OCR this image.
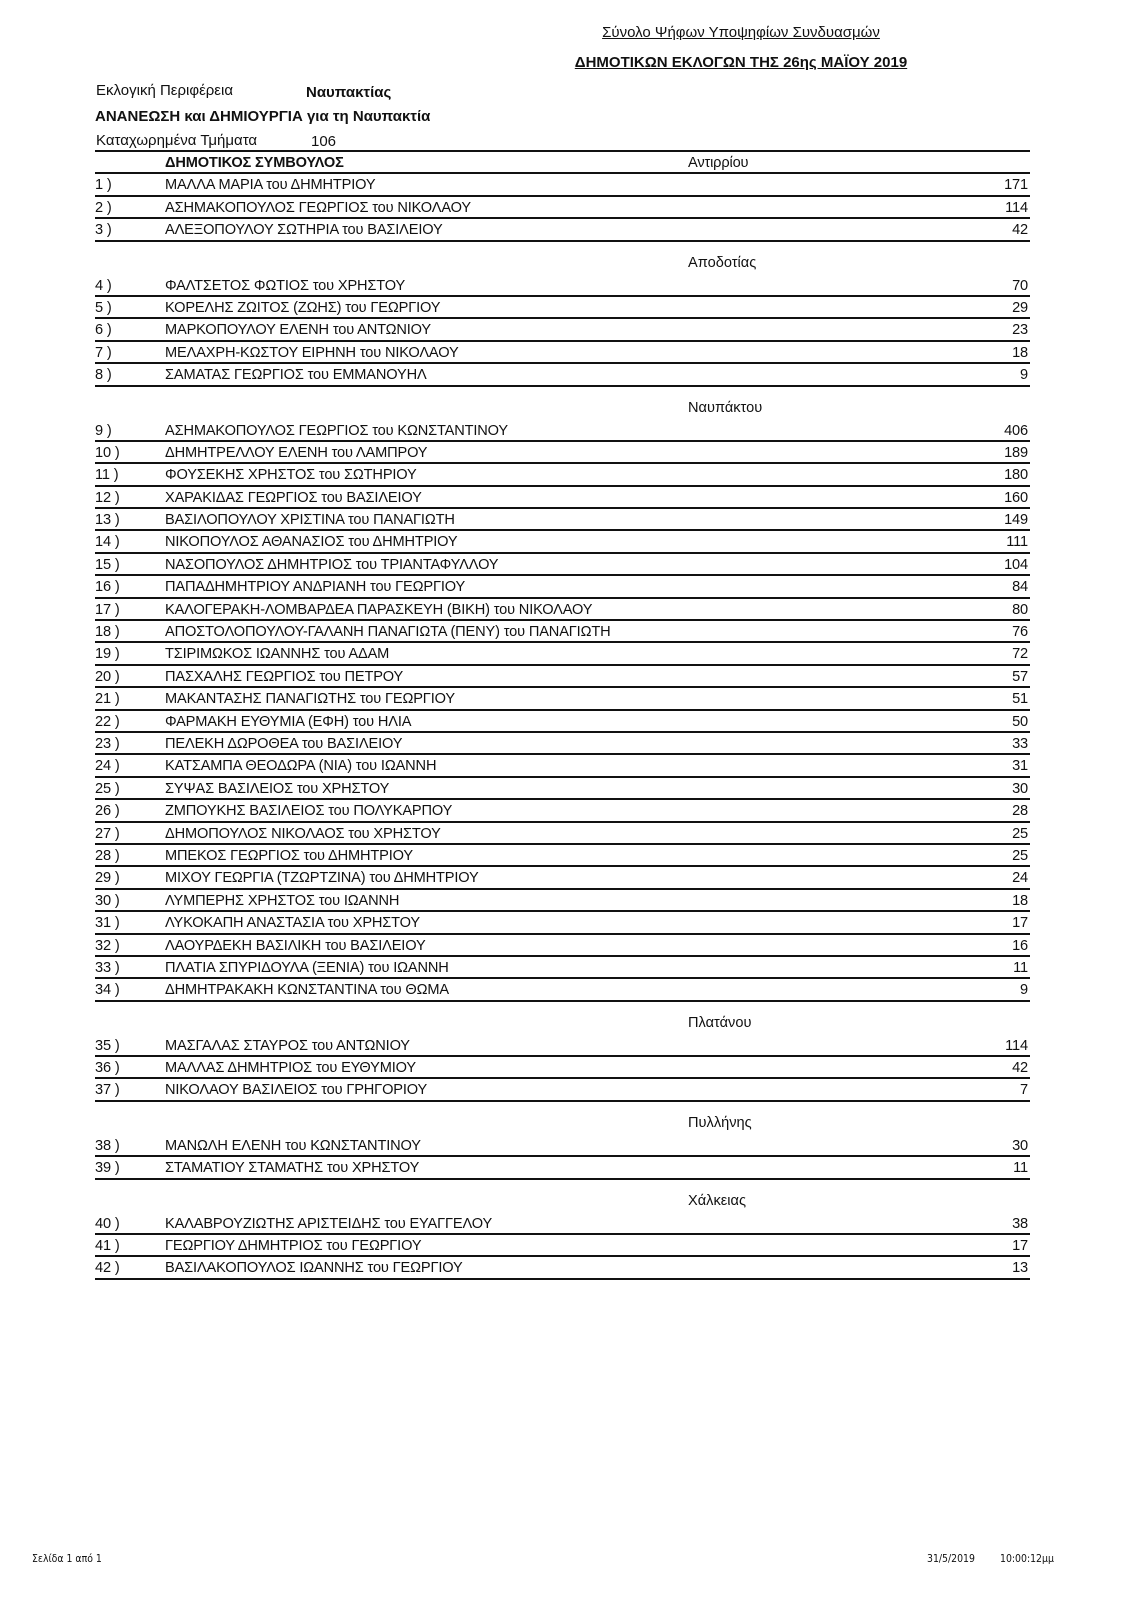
Σύνολο Ψήφων Υποψηφίων Συνδυασμών
ΔΗΜΟΤΙΚΩΝ ΕΚΛΟΓΩΝ ΤΗΣ 26ης ΜΑΪΟΥ 2019
Εκλογική Περιφέρεια	Ναυπακτίας
ΑΝΑΝΕΩΣΗ και ΔΗΜΙΟΥΡΓΙΑ για τη Ναυπακτία
Καταχωρημένα Τμήματα	106
ΔΗΜΟΤΙΚΟΣ ΣΥΜΒΟΥΛΟΣ	Αντιρρίου
1 )	ΜΑΛΛΑ ΜΑΡΙΑ του ΔΗΜΗΤΡΙΟΥ	171
2 )	ΑΣΗΜΑΚΟΠΟΥΛΟΣ ΓΕΩΡΓΙΟΣ του ΝΙΚΟΛΑΟΥ	114
3 )	ΑΛΕΞΟΠΟΥΛΟΥ ΣΩΤΗΡΙΑ του ΒΑΣΙΛΕΙΟΥ	42
Αποδοτίας
4 )	ΦΑΛΤΣΕΤΟΣ ΦΩΤΙΟΣ του ΧΡΗΣΤΟΥ	70
5 )	ΚΟΡΕΛΗΣ ΖΩΙΤΟΣ (ΖΩΗΣ) του ΓΕΩΡΓΙΟΥ	29
6 )	ΜΑΡΚΟΠΟΥΛΟΥ ΕΛΕΝΗ του ΑΝΤΩΝΙΟΥ	23
7 )	ΜΕΛΑΧΡΗ-ΚΩΣΤΟΥ ΕΙΡΗΝΗ του ΝΙΚΟΛΑΟΥ	18
8 )	ΣΑΜΑΤΑΣ ΓΕΩΡΓΙΟΣ του ΕΜΜΑΝΟΥΗΛ	9
Ναυπάκτου
9 )	ΑΣΗΜΑΚΟΠΟΥΛΟΣ ΓΕΩΡΓΙΟΣ του ΚΩΝΣΤΑΝΤΙΝΟΥ	406
10 )	ΔΗΜΗΤΡΕΛΛΟΥ ΕΛΕΝΗ του ΛΑΜΠΡΟΥ	189
11 )	ΦΟΥΣΕΚΗΣ ΧΡΗΣΤΟΣ του ΣΩΤΗΡΙΟΥ	180
12 )	ΧΑΡΑΚΙΔΑΣ ΓΕΩΡΓΙΟΣ του ΒΑΣΙΛΕΙΟΥ	160
13 )	ΒΑΣΙΛΟΠΟΥΛΟΥ ΧΡΙΣΤΙΝΑ του ΠΑΝΑΓΙΩΤΗ	149
14 )	ΝΙΚΟΠΟΥΛΟΣ ΑΘΑΝΑΣΙΟΣ του ΔΗΜΗΤΡΙΟΥ	111
15 )	ΝΑΣΟΠΟΥΛΟΣ ΔΗΜΗΤΡΙΟΣ του ΤΡΙΑΝΤΑΦΥΛΛΟΥ	104
16 )	ΠΑΠΑΔΗΜΗΤΡΙΟΥ ΑΝΔΡΙΑΝΗ του ΓΕΩΡΓΙΟΥ	84
17 )	ΚΑΛΟΓΕΡΑΚΗ-ΛΟΜΒΑΡΔΕΑ ΠΑΡΑΣΚΕΥΗ (ΒΙΚΗ) του ΝΙΚΟΛΑΟΥ	80
18 )	ΑΠΟΣΤΟΛΟΠΟΥΛΟΥ-ΓΑΛΑΝΗ ΠΑΝΑΓΙΩΤΑ (ΠΕΝΥ) του ΠΑΝΑΓΙΩΤΗ	76
19 )	ΤΣΙΡΙΜΩΚΟΣ ΙΩΑΝΝΗΣ του ΑΔΑΜ	72
20 )	ΠΑΣΧΑΛΗΣ ΓΕΩΡΓΙΟΣ του ΠΕΤΡΟΥ	57
21 )	ΜΑΚΑΝΤΑΣΗΣ ΠΑΝΑΓΙΩΤΗΣ του ΓΕΩΡΓΙΟΥ	51
22 )	ΦΑΡΜΑΚΗ ΕΥΘΥΜΙΑ (ΕΦΗ) του ΗΛΙΑ	50
23 )	ΠΕΛΕΚΗ ΔΩΡΟΘΕΑ του ΒΑΣΙΛΕΙΟΥ	33
24 )	ΚΑΤΣΑΜΠΑ ΘΕΟΔΩΡΑ (ΝΙΑ) του ΙΩΑΝΝΗ	31
25 )	ΣΥΨΑΣ ΒΑΣΙΛΕΙΟΣ του ΧΡΗΣΤΟΥ	30
26 )	ΖΜΠΟΥΚΗΣ ΒΑΣΙΛΕΙΟΣ του ΠΟΛΥΚΑΡΠΟΥ	28
27 )	ΔΗΜΟΠΟΥΛΟΣ ΝΙΚΟΛΑΟΣ του ΧΡΗΣΤΟΥ	25
28 )	ΜΠΕΚΟΣ ΓΕΩΡΓΙΟΣ του ΔΗΜΗΤΡΙΟΥ	25
29 )	ΜΙΧΟΥ ΓΕΩΡΓΙΑ (ΤΖΩΡΤΖΙΝΑ) του ΔΗΜΗΤΡΙΟΥ	24
30 )	ΛΥΜΠΕΡΗΣ ΧΡΗΣΤΟΣ του ΙΩΑΝΝΗ	18
31 )	ΛΥΚΟΚΑΠΗ ΑΝΑΣΤΑΣΙΑ του ΧΡΗΣΤΟΥ	17
32 )	ΛΑΟΥΡΔΕΚΗ ΒΑΣΙΛΙΚΗ του ΒΑΣΙΛΕΙΟΥ	16
33 )	ΠΛΑΤΙΑ ΣΠΥΡΙΔΟΥΛΑ (ΞΕΝΙΑ) του ΙΩΑΝΝΗ	11
34 )	ΔΗΜΗΤΡΑΚΑΚΗ ΚΩΝΣΤΑΝΤΙΝΑ του ΘΩΜΑ	9
Πλατάνου
35 )	ΜΑΣΓΑΛΑΣ ΣΤΑΥΡΟΣ του ΑΝΤΩΝΙΟΥ	114
36 )	ΜΑΛΛΑΣ ΔΗΜΗΤΡΙΟΣ του ΕΥΘΥΜΙΟΥ	42
37 )	ΝΙΚΟΛΑΟΥ ΒΑΣΙΛΕΙΟΣ του ΓΡΗΓΟΡΙΟΥ	7
Πυλλήνης
38 )	ΜΑΝΩΛΗ ΕΛΕΝΗ του ΚΩΝΣΤΑΝΤΙΝΟΥ	30
39 )	ΣΤΑΜΑΤΙΟΥ ΣΤΑΜΑΤΗΣ του ΧΡΗΣΤΟΥ	11
Χάλκειας
40 )	ΚΑΛΑΒΡΟΥΖΙΩΤΗΣ ΑΡΙΣΤΕΙΔΗΣ του ΕΥΑΓΓΕΛΟΥ	38
41 )	ΓΕΩΡΓΙΟΥ ΔΗΜΗΤΡΙΟΣ του ΓΕΩΡΓΙΟΥ	17
42 )	ΒΑΣΙΛΑΚΟΠΟΥΛΟΣ ΙΩΑΝΝΗΣ του ΓΕΩΡΓΙΟΥ	13
Σελίδα 1 από 1	31/5/2019 10:00:12μμ
